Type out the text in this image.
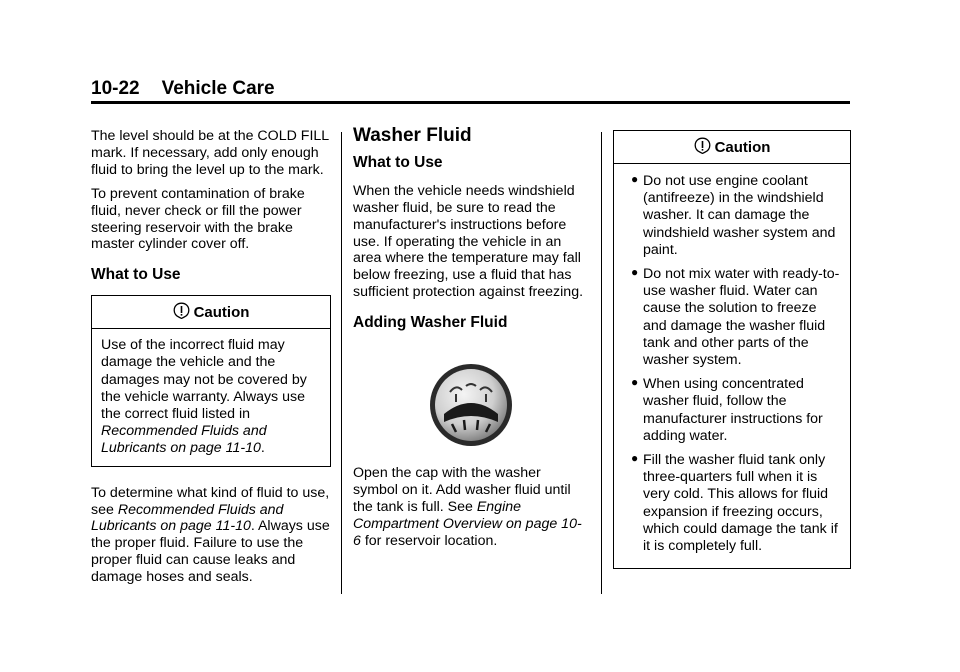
10-22 Vehicle Care

The level should be at the COLD FILL mark. If necessary, add only enough fluid to bring the level up to the mark.

To prevent contamination of brake fluid, never check or fill the power steering reservoir with the brake master cylinder cover off.

What to Use
Caution

Use of the incorrect fluid may damage the vehicle and the damages may not be covered by the vehicle warranty. Always use the correct fluid listed in
Recommended Fluids and Lubricants on page 11-10.

To determine what kind of fluid to use, see Recommended Fluids and Lubricants on page 11-10. Always use the proper fluid. Failure to use the proper fluid can cause leaks and damage hoses and seals.

Washer Fluid
What to Use

When the vehicle needs windshield washer fluid, be sure to read the manufacturer's instructions before use. If operating the vehicle in an area where the temperature may fall below freezing, use a fluid that has sufficient protection against freezing.

Adding Washer Fluid

Open the cap with the washer symbol on it. Add washer fluid until the tank is full. See Engine Compartment Overview on page 10-6 for reservoir location.

Caution
● Do not use engine coolant (antifreeze) in the windshield washer. It can damage the windshield washer system and paint.
● Do not mix water with ready-to-use washer fluid. Water can cause the solution to freeze and damage the washer fluid tank and other parts of the washer system.
● When using concentrated washer fluid, follow the manufacturer instructions for adding water.
● Fill the washer fluid tank only three-quarters full when it is very cold. This allows for fluid expansion if freezing occurs, which could damage the tank if it is completely full.
